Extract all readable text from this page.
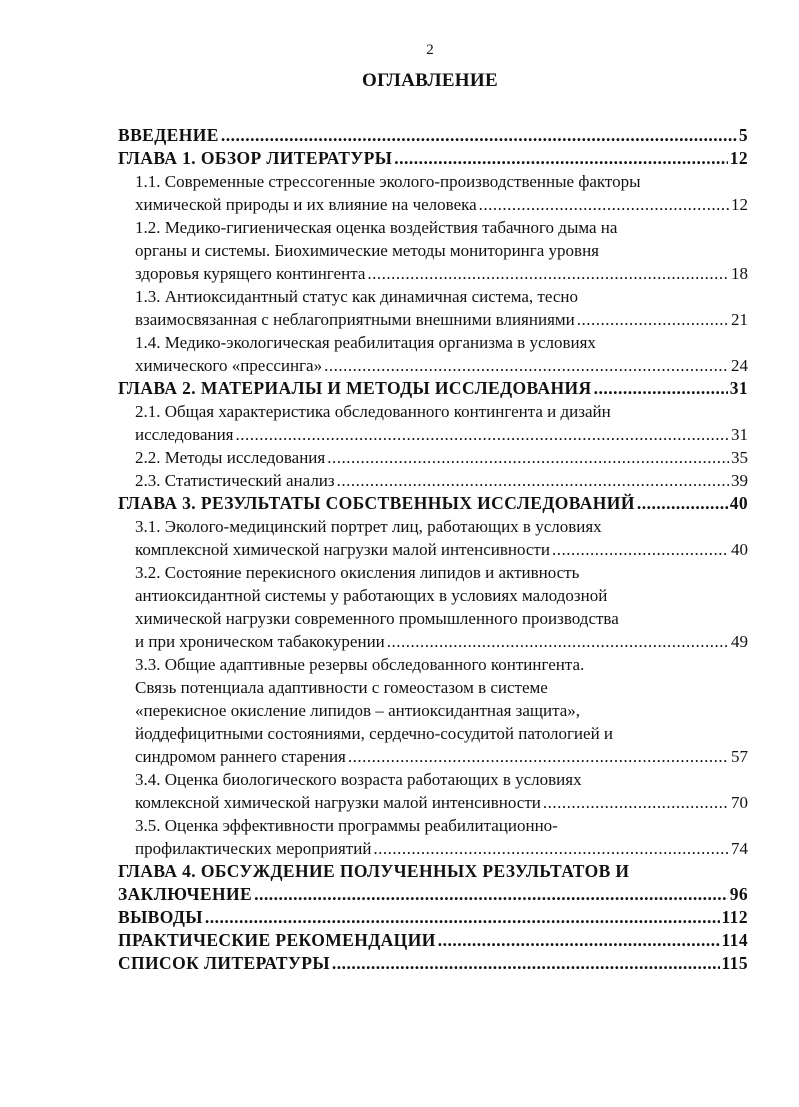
2
ОГЛАВЛЕНИЕ
ВВЕДЕНИЕ .....	5
ГЛАВА 1. ОБЗОР ЛИТЕРАТУРЫ .....	12
1.1. Современные стрессогенные эколого-производственные факторы
химической природы и их влияние на человека .....	12
1.2. Медико-гигиеническая оценка воздействия табачного дыма на
органы и системы. Биохимические методы мониторинга уровня
здоровья курящего контингента .....	18
1.3. Антиоксидантный статус как динамичная система, тесно
взаимосвязанная с неблагоприятными внешними влияниями .....	21
1.4. Медико-экологическая реабилитация организма в условиях
химического «прессинга» .....	24
ГЛАВА 2. МАТЕРИАЛЫ И МЕТОДЫ ИССЛЕДОВАНИЯ .....	31
2.1. Общая характеристика обследованного контингента и дизайн
исследования .....	31
2.2. Методы исследования .....	35
2.3. Статистический анализ .....	39
ГЛАВА 3. РЕЗУЛЬТАТЫ СОБСТВЕННЫХ ИССЛЕДОВАНИЙ .....	40
3.1. Эколого-медицинский портрет лиц, работающих в условиях
комплексной химической нагрузки малой интенсивности .....	40
3.2. Состояние перекисного окисления липидов и активность
антиоксидантной системы у работающих в условиях малодозной
химической нагрузки современного промышленного производства
и при хроническом табакокурении .....	49
3.3. Общие адаптивные резервы обследованного контингента.
Связь потенциала адаптивности с гомеостазом в системе
«перекисное окисление липидов – антиоксидантная защита»,
йоддефицитными состояниями, сердечно-сосудитой патологией и
синдромом раннего старения .....	57
3.4. Оценка биологического возраста работающих в условиях
комлексной химической нагрузки малой интенсивности .....	70
3.5. Оценка эффективности программы реабилитационно-
профилактических мероприятий .....	74
ГЛАВА 4. ОБСУЖДЕНИЕ ПОЛУЧЕННЫХ РЕЗУЛЬТАТОВ И
ЗАКЛЮЧЕНИЕ .....	96
ВЫВОДЫ .....	112
ПРАКТИЧЕСКИЕ РЕКОМЕНДАЦИИ .....	114
СПИСОК ЛИТЕРАТУРЫ .....	115
